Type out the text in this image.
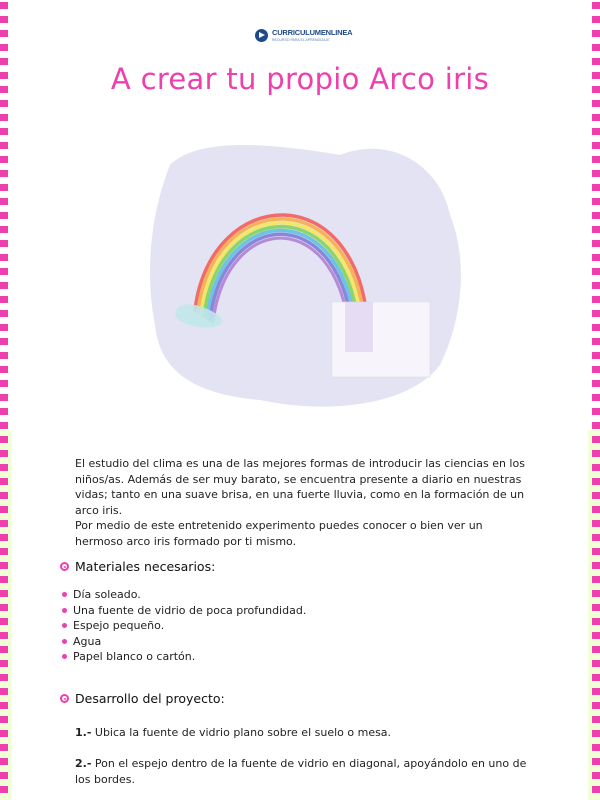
CURRICULUMENLINEA
RECURSO PARA EL APRENDIZAJE
A crear tu propio Arco iris

El estudio del clima es una de las mejores formas de introducir las ciencias en los niños/as. Además de ser muy barato, se encuentra presente a diario en nuestras vidas; tanto en una suave brisa, en una fuerte lluvia, como en la formación de un arco iris.

Por medio de este entretenido experimento puedes conocer o bien ver un hermoso arco iris formado por ti mismo.

Materiales necesarios:
Día soleado.
Una fuente de vidrio de poca profundidad.
Espejo pequeño.
Agua
Papel blanco o cartón.
Desarrollo del proyecto:
1.- Ubica la fuente de vidrio plano sobre el suelo o mesa.
2.- Pon el espejo dentro de la fuente de vidrio en diagonal, apoyándolo en uno de los bordes.
